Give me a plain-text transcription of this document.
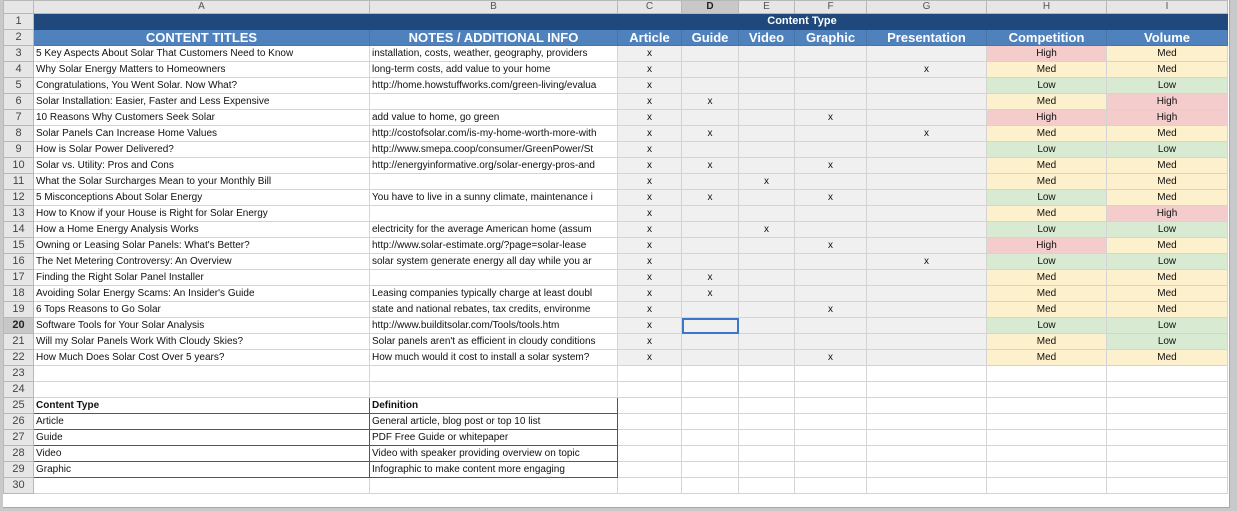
	A	B	C	D	E	F	G	H	I
1			Content Type						
2	CONTENT TITLES	NOTES / ADDITIONAL INFO	Article	Guide	Video	Graphic	Presentation	Competition	Volume
3	5 Key Aspects About Solar That Customers Need to Know	installation, costs, weather, geography, providers	x					High	Med
4	Why Solar Energy Matters to Homeowners	long-term costs, add value to your home	x				x	Med	Med
5	Congratulations, You Went Solar. Now What?	http://home.howstuffworks.com/green-living/evalua	x					Low	Low
6	Solar Installation: Easier, Faster and Less Expensive		x	x				Med	High
7	10 Reasons Why Customers Seek Solar	add value to home, go green	x			x		High	High
8	Solar Panels Can Increase Home Values	http://costofsolar.com/is-my-home-worth-more-with	x	x			x	Med	Med
9	How is Solar Power Delivered?	http://www.smepa.coop/consumer/GreenPower/St	x					Low	Low
10	Solar vs. Utility: Pros and Cons	http://energyinformative.org/solar-energy-pros-and	x	x		x		Med	Med
11	What the Solar Surcharges Mean to your Monthly Bill		x		x			Med	Med
12	5 Misconceptions About Solar Energy	You have to live in a sunny climate, maintenance i	x	x		x		Low	Med
13	How to Know if your House is Right for Solar Energy		x					Med	High
14	How a Home Energy Analysis Works	electricity for the average American home (assum	x		x			Low	Low
15	Owning or Leasing Solar Panels: What's Better?	http://www.solar-estimate.org/?page=solar-lease	x			x		High	Med
16	The Net Metering Controversy: An Overview	solar system generate energy all day while you ar	x				x	Low	Low
17	Finding the Right Solar Panel Installer		x	x				Med	Med
18	Avoiding Solar Energy Scams: An Insider's Guide	Leasing companies typically charge at least doubl	x	x				Med	Med
19	6 Tops Reasons to Go Solar	state and national rebates, tax credits, environme	x			x		Med	Med
20	Software Tools for Your Solar Analysis	http://www.builditsolar.com/Tools/tools.htm	x					Low	Low
21	Will my Solar Panels Work With Cloudy Skies?	Solar panels aren't as efficient in cloudy conditions	x					Med	Low
22	How Much Does Solar Cost Over 5 years?	How much would it cost to install a solar system?	x			x		Med	Med
23									
24									
25	Content Type	Definition							
26	Article	General article, blog post or top 10 list							
27	Guide	PDF Free Guide or whitepaper							
28	Video	Video with speaker providing overview on topic							
29	Graphic	Infographic to make content more engaging							
30									
